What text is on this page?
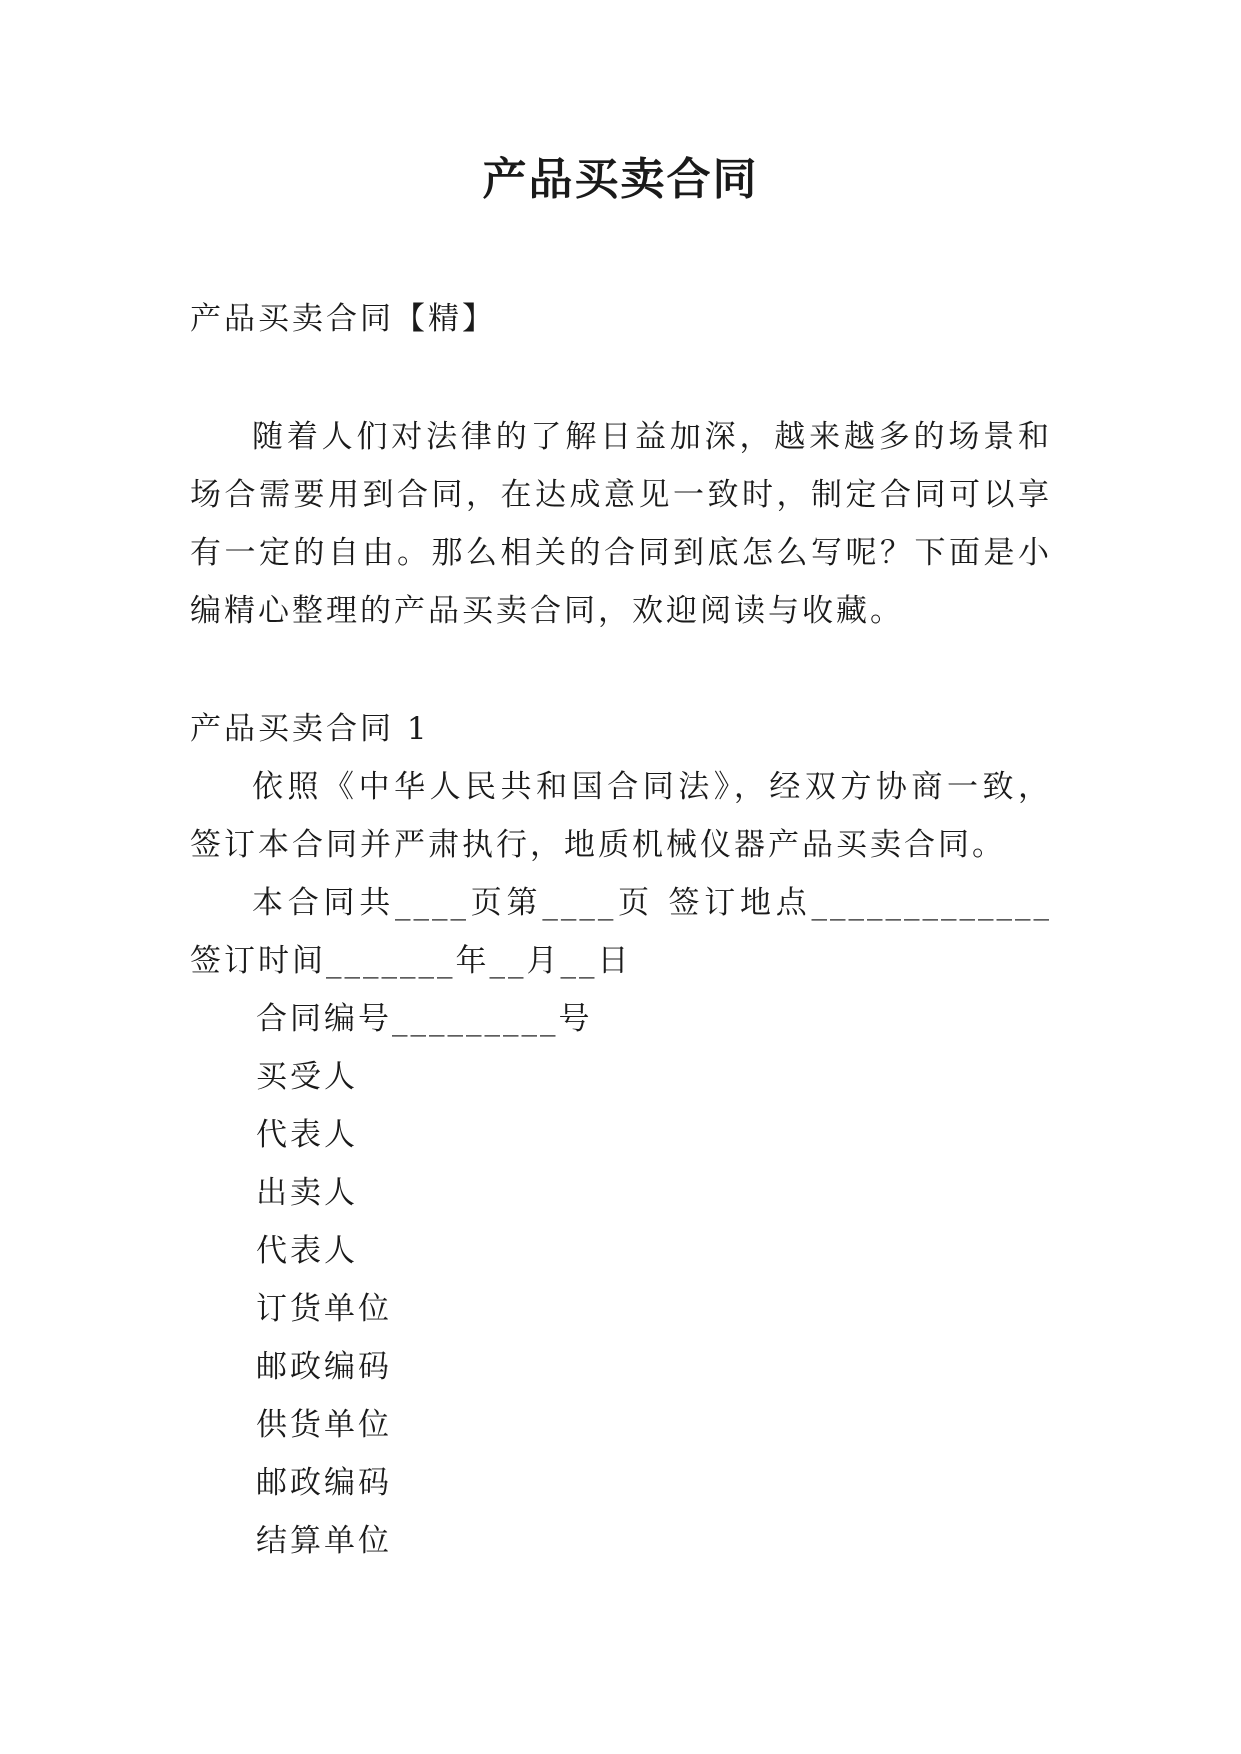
产品买卖合同

产品买卖合同【精】

随着人们对法律的了解日益加深，越来越多的场景和场合需要用到合同，在达成意见一致时，制定合同可以享有一定的自由。那么相关的合同到底怎么写呢？下面是小编精心整理的产品买卖合同，欢迎阅读与收藏。

产品买卖合同 1

依照《中华人民共和国合同法》，经双方协商一致，签订本合同并严肃执行，地质机械仪器产品买卖合同。

本合同共____页第____页 签订地点_____________ 签订时间_______年__月__日

合同编号_________号

买受人

代表人

出卖人

代表人

订货单位

邮政编码

供货单位

邮政编码

结算单位
